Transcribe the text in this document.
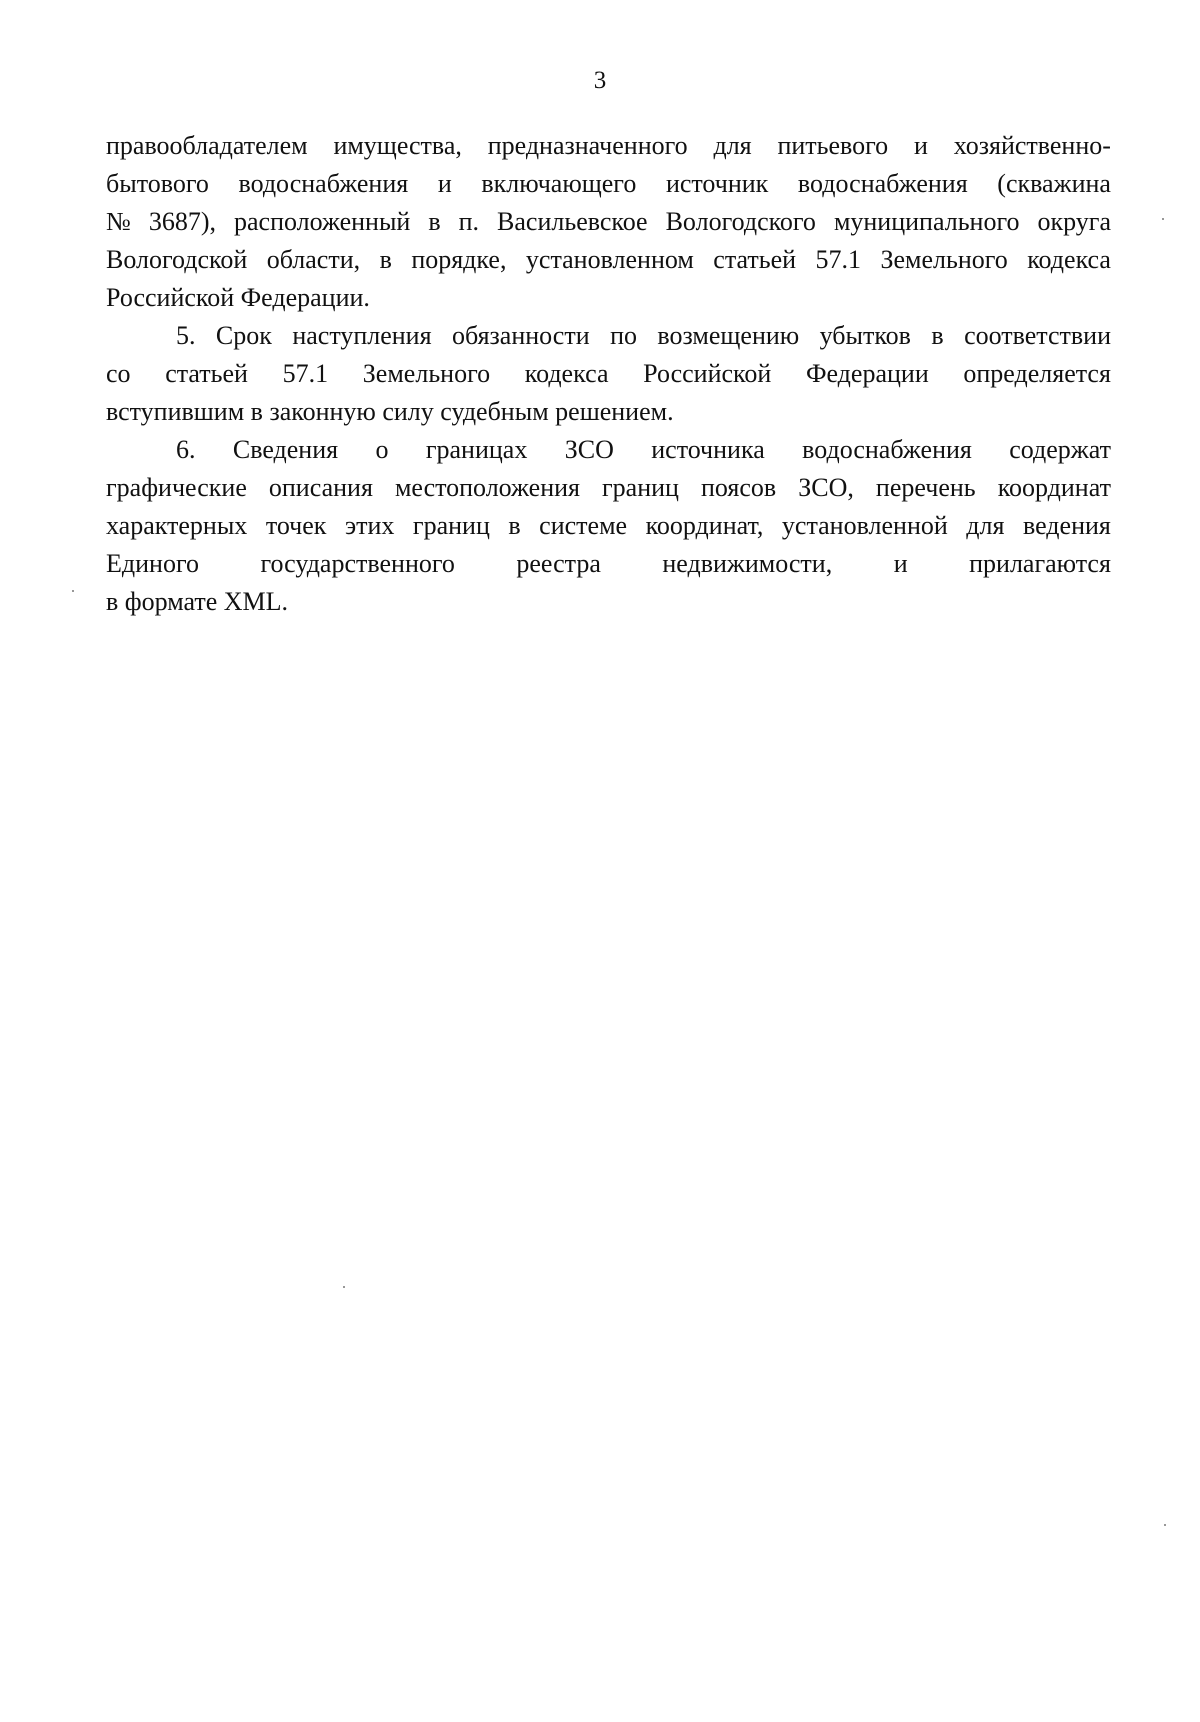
3
правообладателем имущества, предназначенного для питьевого и хозяйственно-
бытового водоснабжения и включающего источник водоснабжения (скважина
№ 3687), расположенный в п. Васильевское Вологодского муниципального округа
Вологодской области, в порядке, установленном статьей 57.1 Земельного кодекса
Российской Федерации.
5. Срок наступления обязанности по возмещению убытков в соответствии
со статьей 57.1 Земельного кодекса Российской Федерации определяется
вступившим в законную силу судебным решением.
6. Сведения о границах ЗСО источника водоснабжения содержат
графические описания местоположения границ поясов ЗСО, перечень координат
характерных точек этих границ в системе координат, установленной для ведения
Единого государственного реестра недвижимости, и прилагаются
в формате XML.
